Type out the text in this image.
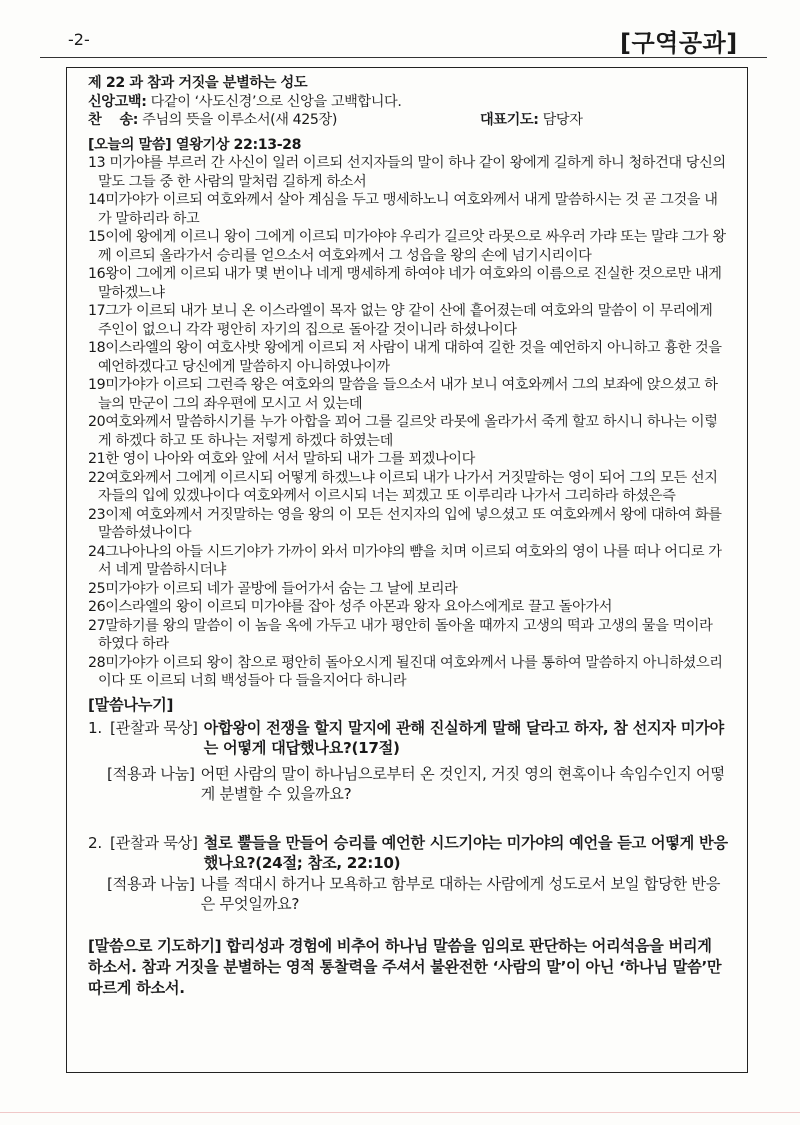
-2-	[구역공과]

제 22 과 참과 거짓을 분별하는 성도

신앙고백: 다같이 ‘사도신경’으로 신앙을 고백합니다.

찬    송: 주님의 뜻을 이루소서(새 425장)	대표기도: 담당자

[오늘의 말씀] 열왕기상 22:13-28

13 미가야를 부르러 간 사신이 일러 이르되 선지자들의 말이 하나 같이 왕에게 길하게 하니 청하건대 당신의 말도 그들 중 한 사람의 말처럼 길하게 하소서

14미가야가 이르되 여호와께서 살아 계심을 두고 맹세하노니 여호와께서 내게 말씀하시는 것 곧 그것을 내가 말하리라 하고

15이에 왕에게 이르니 왕이 그에게 이르되 미가야야 우리가 길르앗 라못으로 싸우러 가랴 또는 말랴 그가 왕께 이르되 올라가서 승리를 얻으소서 여호와께서 그 성읍을 왕의 손에 넘기시리이다

16왕이 그에게 이르되 내가 몇 번이나 네게 맹세하게 하여야 네가 여호와의 이름으로 진실한 것으로만 내게 말하겠느냐

17그가 이르되 내가 보니 온 이스라엘이 목자 없는 양 같이 산에 흩어졌는데 여호와의 말씀이 이 무리에게 주인이 없으니 각각 평안히 자기의 집으로 돌아갈 것이니라 하셨나이다

18이스라엘의 왕이 여호사밧 왕에게 이르되 저 사람이 내게 대하여 길한 것을 예언하지 아니하고 흉한 것을 예언하겠다고 당신에게 말씀하지 아니하였나이까

19미가야가 이르되 그런즉 왕은 여호와의 말씀을 들으소서 내가 보니 여호와께서 그의 보좌에 앉으셨고 하늘의 만군이 그의 좌우편에 모시고 서 있는데

20여호와께서 말씀하시기를 누가 아합을 꾀어 그를 길르앗 라못에 올라가서 죽게 할꼬 하시니 하나는 이렇게 하겠다 하고 또 하나는 저렇게 하겠다 하였는데

21한 영이 나아와 여호와 앞에 서서 말하되 내가 그를 꾀겠나이다

22여호와께서 그에게 이르시되 어떻게 하겠느냐 이르되 내가 나가서 거짓말하는 영이 되어 그의 모든 선지자들의 입에 있겠나이다 여호와께서 이르시되 너는 꾀겠고 또 이루리라 나가서 그리하라 하셨은즉

23이제 여호와께서 거짓말하는 영을 왕의 이 모든 선지자의 입에 넣으셨고 또 여호와께서 왕에 대하여 화를 말씀하셨나이다

24그나아나의 아들 시드기야가 가까이 와서 미가야의 뺨을 치며 이르되 여호와의 영이 나를 떠나 어디로 가서 네게 말씀하시더냐

25미가야가 이르되 네가 골방에 들어가서 숨는 그 날에 보리라

26이스라엘의 왕이 이르되 미가야를 잡아 성주 아몬과 왕자 요아스에게로 끌고 돌아가서

27말하기를 왕의 말씀이 이 놈을 옥에 가두고 내가 평안히 돌아올 때까지 고생의 떡과 고생의 물을 먹이라 하였다 하라

28미가야가 이르되 왕이 참으로 평안히 돌아오시게 될진대 여호와께서 나를 통하여 말씀하지 아니하셨으리이다 또 이르되 너희 백성들아 다 들을지어다 하니라

[말씀나누기]

1. [관찰과 묵상] 아합왕이 전쟁을 할지 말지에 관해 진실하게 말해 달라고 하자, 참 선지자 미가야는 어떻게 대답했나요?(17절)
[적용과 나눔] 어떤 사람의 말이 하나님으로부터 온 것인지, 거짓 영의 현혹이나 속임수인지 어떻게 분별할 수 있을까요?
2. [관찰과 묵상] 철로 뿔들을 만들어 승리를 예언한 시드기야는 미가야의 예언을 듣고 어떻게 반응했나요?(24절; 참조, 22:10)
[적용과 나눔] 나를 적대시 하거나 모욕하고 함부로 대하는 사람에게 성도로서 보일 합당한 반응은 무엇일까요?

[말씀으로 기도하기] 합리성과 경험에 비추어 하나님 말씀을 임의로 판단하는 어리석음을 버리게 하소서. 참과 거짓을 분별하는 영적 통찰력을 주셔서 불완전한 ‘사람의 말’이 아닌 ‘하나님 말씀’만 따르게 하소서.
